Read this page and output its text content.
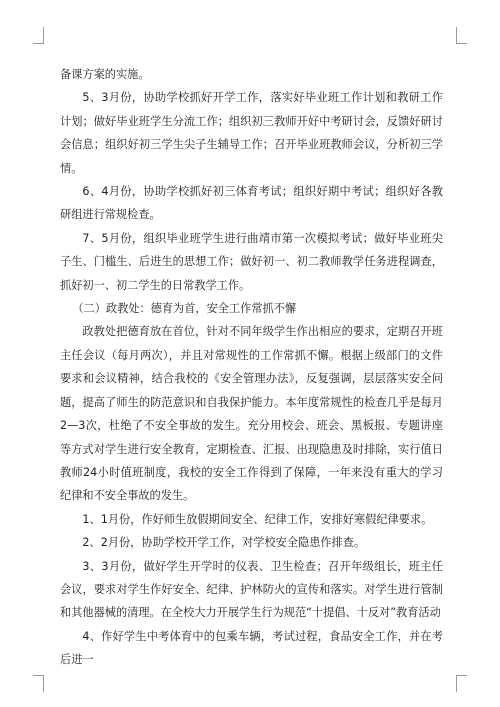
备课方案的实施。

5、3月份，协助学校抓好开学工作，落实好毕业班工作计划和教研工作计划；做好毕业班学生分流工作；组织初三教师开好中考研讨会，反馈好研讨会信息；组织好初三学生尖子生辅导工作；召开毕业班教师会议，分析初三学情。

6、4月份，协助学校抓好初三体育考试；组织好期中考试；组织好各教研组进行常规检查。

7、5月份，组织毕业班学生进行曲靖市第一次模拟考试；做好毕业班尖子生、门槛生、后进生的思想工作；做好初一、初二教师教学任务进程调查，抓好初一、初二学生的日常教学工作。

（二）政教处：德育为首，安全工作常抓不懈

政教处把德育放在首位，针对不同年级学生作出相应的要求，定期召开班主任会议（每月两次），并且对常规性的工作常抓不懈。根据上级部门的文件要求和会议精神，结合我校的《安全管理办法》，反复强调，层层落实安全问题，提高了师生的防范意识和自我保护能力。本年度常规性的检查几乎是每月2—3次，杜绝了不安全事故的发生。充分用校会、班会、黑板报、专题讲座等方式对学生进行安全教育，定期检查、汇报、出现隐患及时排除，实行值日教师24小时值班制度，我校的安全工作得到了保障，一年来没有重大的学习纪律和不安全事故的发生。

1、1月份，作好师生放假期间安全、纪律工作，安排好寒假纪律要求。

2、2月份，协助学校开学工作，对学校安全隐患作排查。

3、3月份，做好学生开学时的仪表、卫生检查；召开年级组长，班主任会议，要求对学生作好安全、纪律、护林防火的宣传和落实。对学生进行管制和其他器械的清理。在全校大力开展学生行为规范“十提倡、十反对”教育活动

4、作好学生中考体育中的包乘车辆，考试过程，食品安全工作，并在考后进一
